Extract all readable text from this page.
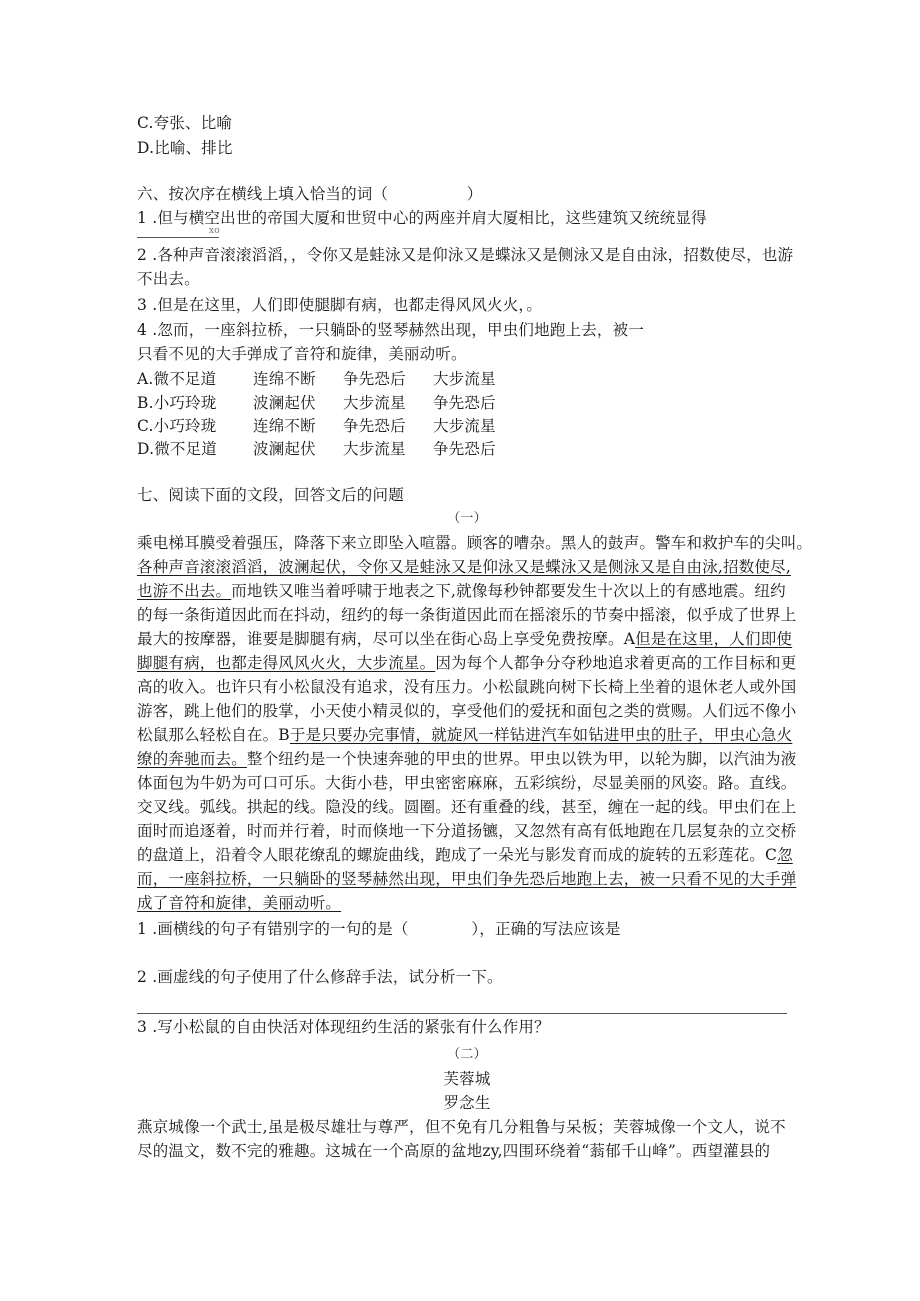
C.夸张、比喻
D.比喻、排比
六、按次序在横线上填入恰当的词（　　　　　）
1 .但与横空出世的帝国大厦和世贸中心的两座并肩大厦相比，这些建筑又统统显得
xo
2 .各种声音滚滚滔滔，，令你又是蛙泳又是仰泳又是蝶泳又是侧泳又是自由泳，招数使尽，也游
不出去。
3 .但是在这里，人们即使腿脚有病，也都走得风风火火，。
4 .忽而，一座斜拉桥，一只躺卧的竖琴赫然出现，甲虫们地跑上去，被一
只看不见的大手弹成了音符和旋律，美丽动听。
A.微不足道 连绵不断 争先恐后 大步流星
B.小巧玲珑 波澜起伏 大步流星 争先恐后
C.小巧玲珑 连绵不断 争先恐后 大步流星
D.微不足道 波澜起伏 大步流星 争先恐后
七、阅读下面的文段，回答文后的问题
（一）
乘电梯耳膜受着强压，降落下来立即坠入喧嚣。顾客的嘈杂。黑人的鼓声。警车和救护车的尖叫。
各种声音滚滚滔滔，波澜起伏，令你又是蛙泳又是仰泳又是蝶泳又是侧泳又是自由泳,招数使尽,
也游不出去。而地铁又唯当着呼啸于地表之下,就像每秒钟都要发生十次以上的有感地震。纽约
的每一条街道因此而在抖动，纽约的每一条街道因此而在摇滚乐的节奏中摇滚，似乎成了世界上
最大的按摩器，谁要是脚腿有病，尽可以坐在街心岛上享受免费按摩。A但是在这里，人们即使
脚腿有病，也都走得风风火火，大步流星。因为每个人都争分夺秒地追求着更高的工作目标和更
高的收入。也许只有小松鼠没有追求，没有压力。小松鼠跳向树下长椅上坐着的退休老人或外国
游客，跳上他们的股掌，小天使小精灵似的，享受他们的爱抚和面包之类的赏赐。人们远不像小
松鼠那么轻松自在。B于是只要办完事情，就旋风一样钻进汽车如钻进甲虫的肚子，甲虫心急火
缭的奔驰而去。整个纽约是一个快速奔驰的甲虫的世界。甲虫以铁为甲，以轮为脚，以汽油为液
体面包为牛奶为可口可乐。大街小巷，甲虫密密麻麻，五彩缤纷，尽显美丽的风姿。路。直线。
交叉线。弧线。拱起的线。隐没的线。圆圈。还有重叠的线，甚至，缠在一起的线。甲虫们在上
面时而追逐着，时而并行着，时而倏地一下分道扬镳，又忽然有高有低地跑在几层复杂的立交桥
的盘道上，沿着令人眼花缭乱的螺旋曲线，跑成了一朵光与影发育而成的旋转的五彩莲花。C忽
而，一座斜拉桥，一只躺卧的竖琴赫然出现，甲虫们争先恐后地跑上去，被一只看不见的大手弹
成了音符和旋律，美丽动听。
1 .画横线的句子有错别字的一句的是（　　　　），正确的写法应该是
2 .画虚线的句子使用了什么修辞手法，试分析一下。
3 .写小松鼠的自由快活对体现纽约生活的紧张有什么作用？
（二）
芙蓉城
罗念生
燕京城像一个武士,虽是极尽雄壮与尊严，但不免有几分粗鲁与呆板；芙蓉城像一个文人，说不
尽的温文，数不完的雅趣。这城在一个高原的盆地zy,四围环绕着“蓊郁千山峰”。西望灌县的
